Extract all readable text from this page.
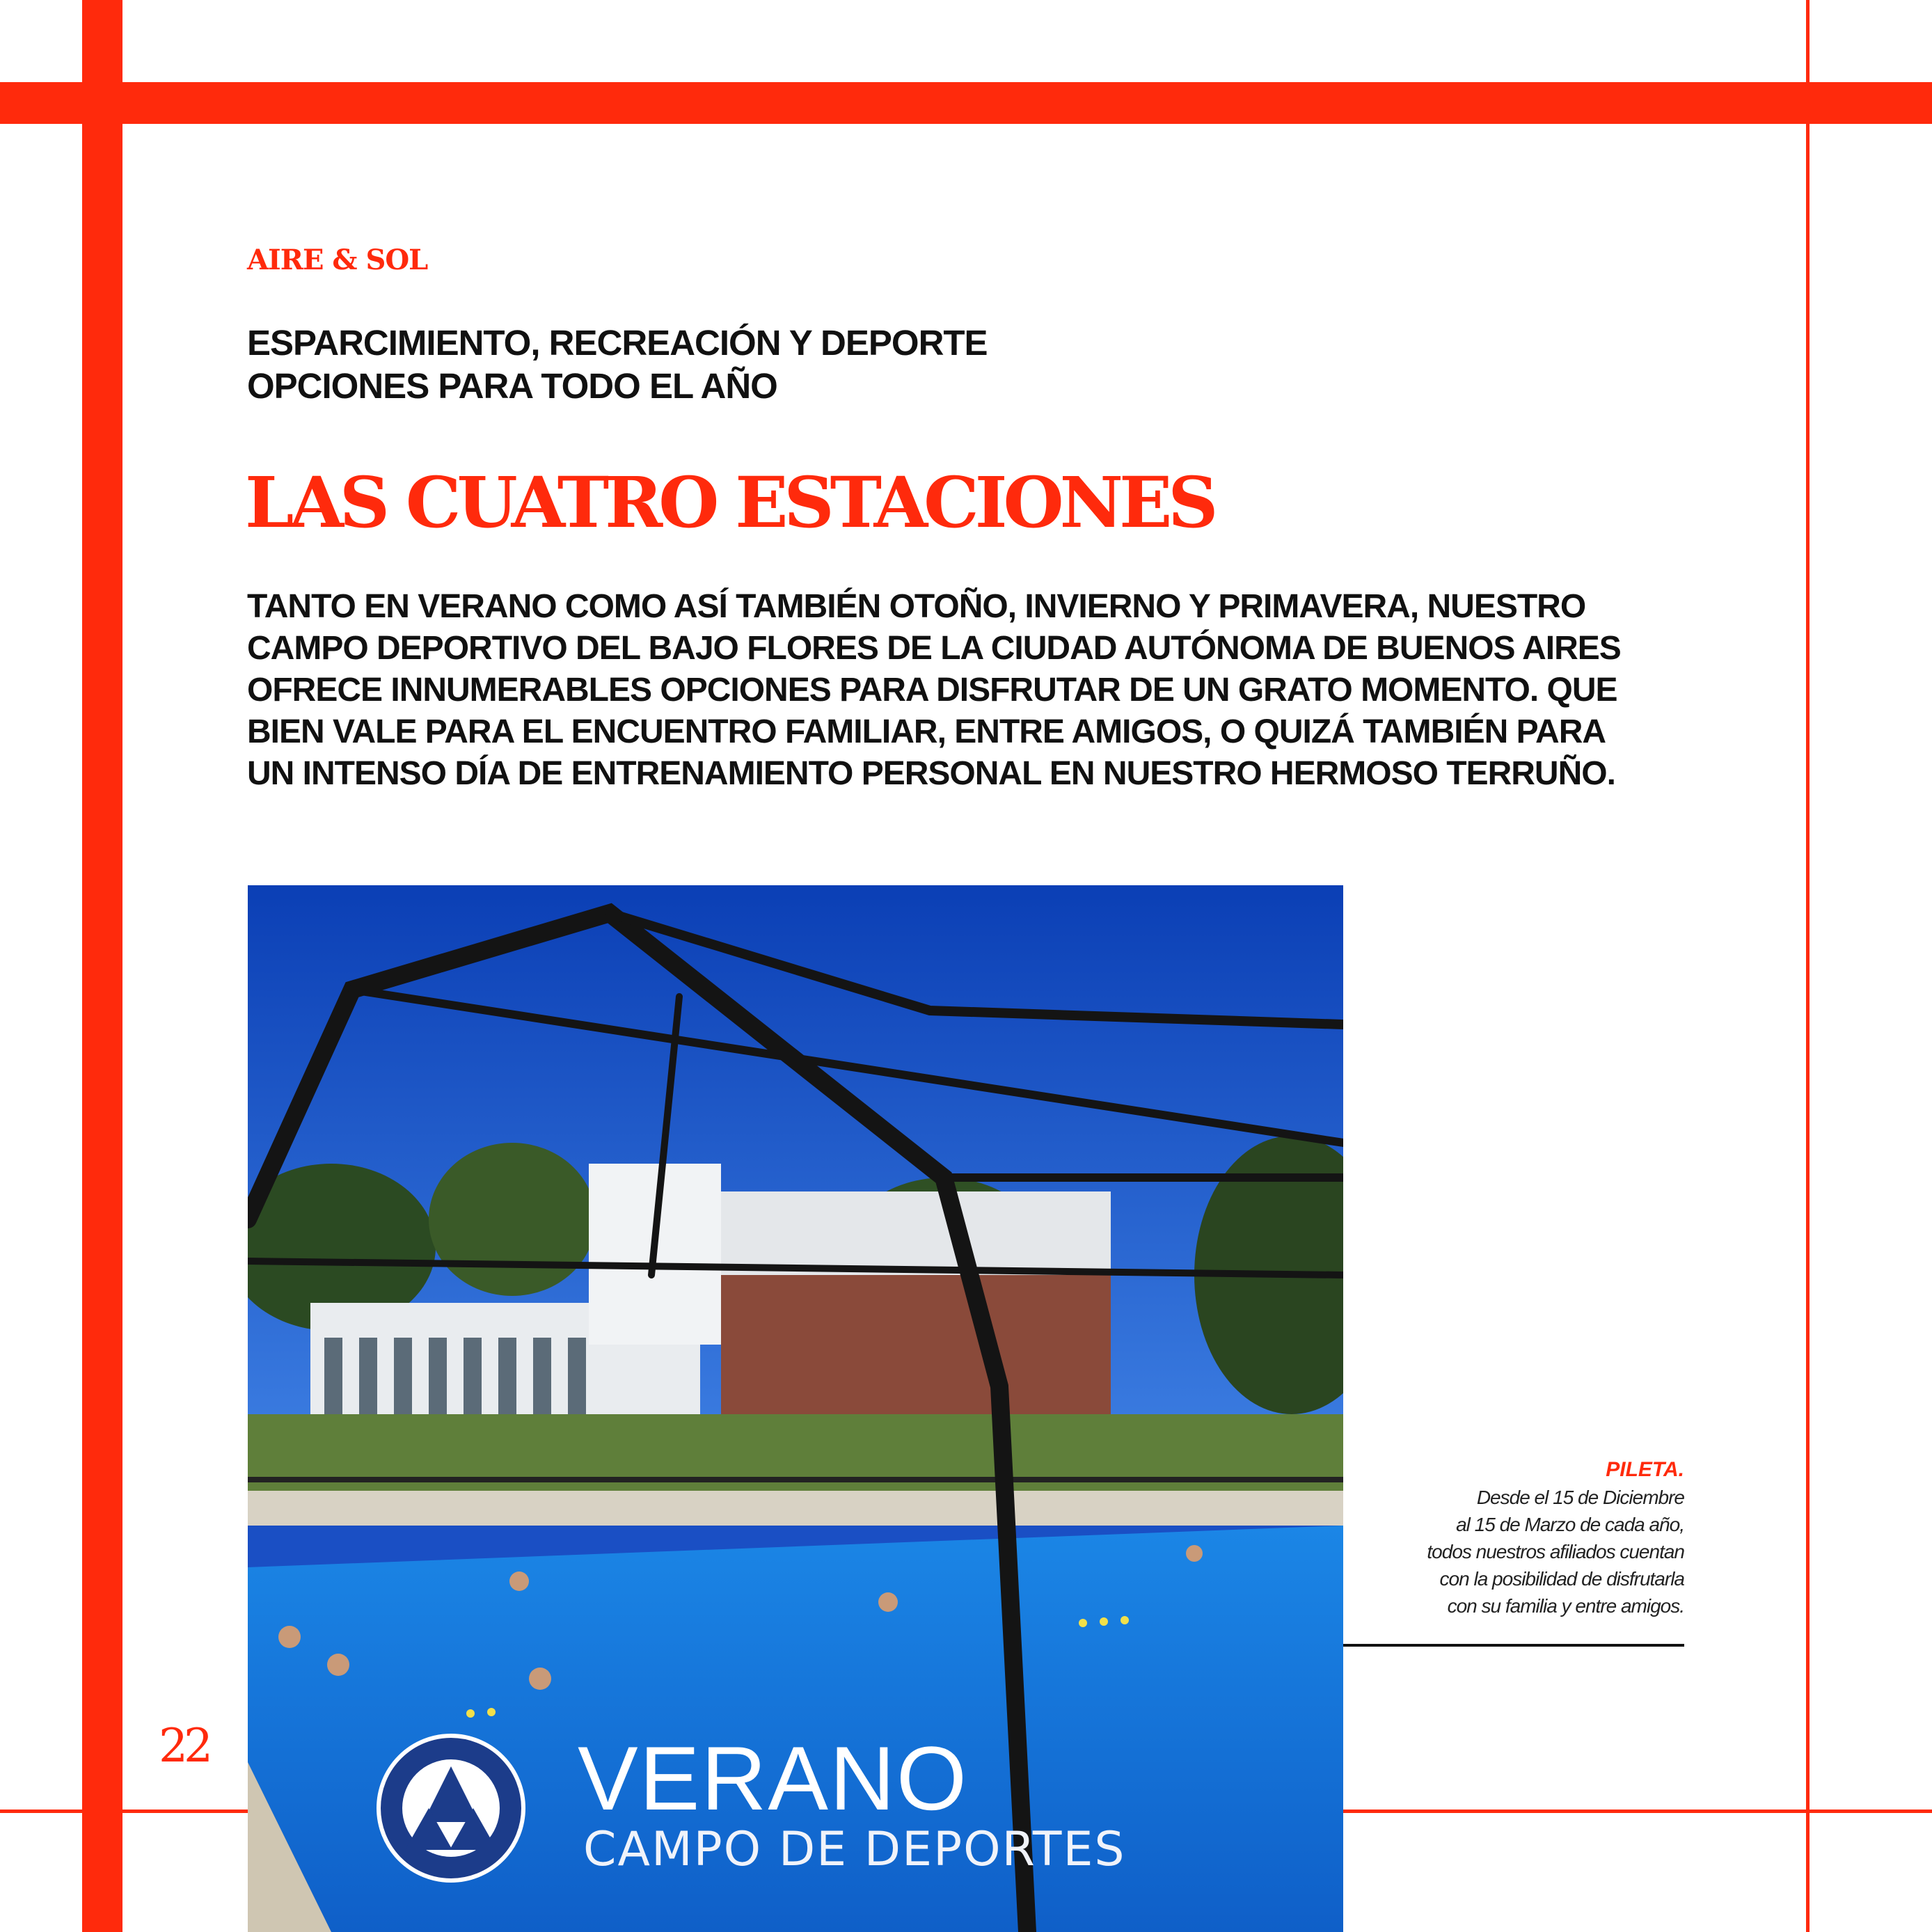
AIRE & SOL
ESPARCIMIENTO, RECREACIÓN Y DEPORTE
OPCIONES PARA TODO EL AÑO
LAS CUATRO ESTACIONES
TANTO EN VERANO COMO ASÍ TAMBIÉN OTOÑO, INVIERNO Y PRIMAVERA, NUESTRO
CAMPO DEPORTIVO DEL BAJO FLORES DE LA CIUDAD AUTÓNOMA DE BUENOS AIRES
OFRECE INNUMERABLES OPCIONES PARA DISFRUTAR DE UN GRATO MOMENTO. QUE
BIEN VALE PARA EL ENCUENTRO FAMILIAR, ENTRE AMIGOS, O QUIZÁ TAMBIÉN PARA
UN INTENSO DÍA DE ENTRENAMIENTO PERSONAL EN NUESTRO HERMOSO TERRUÑO.
VERANO
CAMPO DE DEPORTES
PILETA.
Desde el 15 de Diciembre
al 15 de Marzo de cada año,
todos nuestros afiliados cuentan
con la posibilidad de disfrutarla
con su familia y entre amigos.
22
